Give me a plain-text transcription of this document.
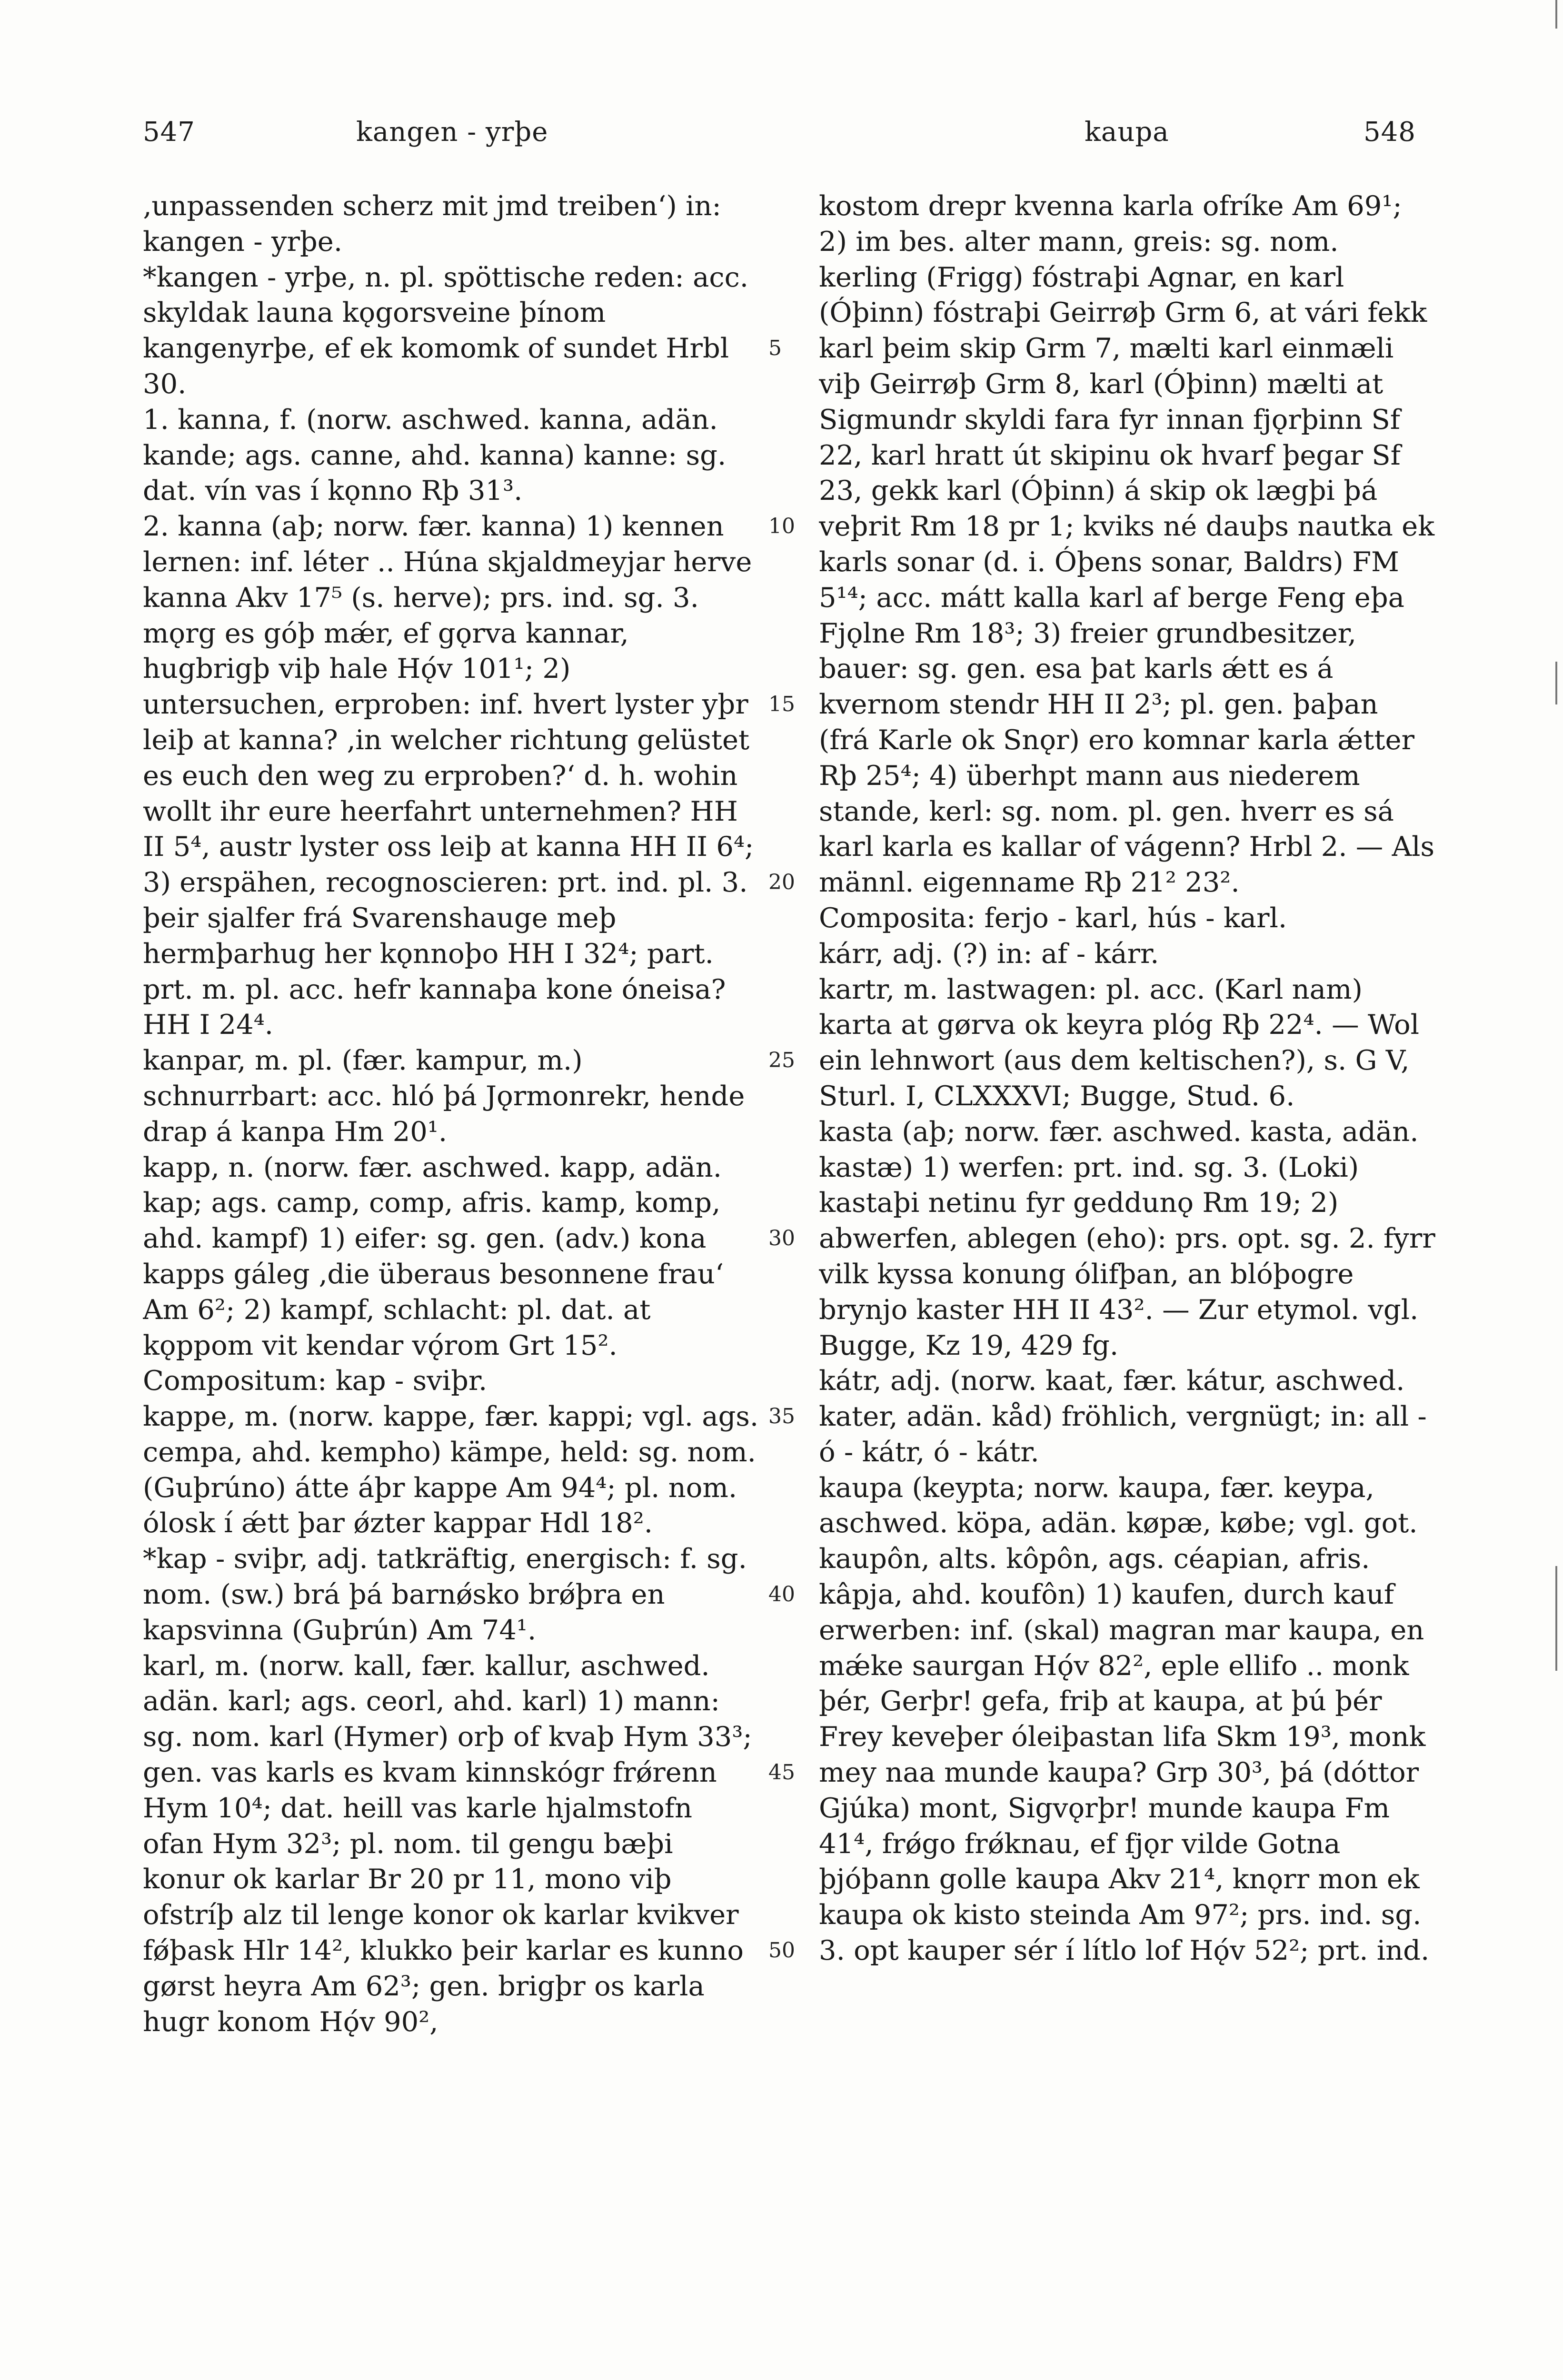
547	kangen - yrþe	kaupa	548
‚unpassenden scherz mit jmd treiben‘) in:
kangen - yrþe.
*kangen - yrþe, n. pl. spöttische reden: acc.
skyldak launa kǫgorsveine þínom
kangenyrþe, ef ek komomk of sundet Hrbl
30.
1. kanna, f. (norw. aschwed. kanna, adän.
kande; ags. canne, ahd. kanna) kanne: sg.
dat. vín vas í kǫnno Rþ 31³.
2. kanna (aþ; norw. fær. kanna) 1) kennen
lernen: inf. léter .. Húna skjaldmeyjar herve
kanna Akv 17⁵ (s. herve); prs. ind. sg. 3.
mǫrg es góþ mǽr, ef gǫrva kannar,
hugbrigþ viþ hale Hǫ́v 101¹; 2)
untersuchen, erproben: inf. hvert lyster yþr
leiþ at kanna? ‚in welcher richtung gelüstet
es euch den weg zu erproben?‘ d. h. wohin
wollt ihr eure heerfahrt unternehmen? HH
II 5⁴, austr lyster oss leiþ at kanna HH II 6⁴;
3) erspähen, recognoscieren: prt. ind. pl. 3.
þeir sjalfer frá Svarenshauge meþ
hermþarhug her kǫnnoþo HH I 32⁴; part.
prt. m. pl. acc. hefr kannaþa kone óneisa?
HH I 24⁴.
kanpar, m. pl. (fær. kampur, m.)
schnurrbart: acc. hló þá Jǫrmonrekr, hende
drap á kanpa Hm 20¹.
kapp, n. (norw. fær. aschwed. kapp, adän.
kap; ags. camp, comp, afris. kamp, komp,
ahd. kampf) 1) eifer: sg. gen. (adv.) kona
kapps gáleg ‚die überaus besonnene frau‘
Am 6²; 2) kampf, schlacht: pl. dat. at
kǫppom vit kendar vǫ́rom Grt 15².
Compositum: kap - sviþr.
kappe, m. (norw. kappe, fær. kappi; vgl. ags.
cempa, ahd. kempho) kämpe, held: sg. nom.
(Guþrúno) átte áþr kappe Am 94⁴; pl. nom.
ólosk í ǽtt þar ǿzter kappar Hdl 18².
*kap - sviþr, adj. tatkräftig, energisch: f. sg.
nom. (sw.) brá þá barnǿsko brǿþra en
kapsvinna (Guþrún) Am 74¹.
karl, m. (norw. kall, fær. kallur, aschwed.
adän. karl; ags. ceorl, ahd. karl) 1) mann:
sg. nom. karl (Hymer) orþ of kvaþ Hym 33³;
gen. vas karls es kvam kinnskógr frǿrenn
Hym 10⁴; dat. heill vas karle hjalmstofn
ofan Hym 32³; pl. nom. til gengu bæþi
konur ok karlar Br 20 pr 11, mono viþ
ofstríþ alz til lenge konor ok karlar kvikver
fǿþask Hlr 14², klukko þeir karlar es kunno
gørst heyra Am 62³; gen. brigþr os karla
hugr konom Hǫ́v 90²,
5
10
15
20
25
30
35
40
45
50
kostom drepr kvenna karla ofríke Am 69¹;
2) im bes. alter mann, greis: sg. nom.
kerling (Frigg) fóstraþi Agnar, en karl
(Óþinn) fóstraþi Geirrøþ Grm 6, at vári fekk
karl þeim skip Grm 7, mælti karl einmæli
viþ Geirrøþ Grm 8, karl (Óþinn) mælti at
Sigmundr skyldi fara fyr innan fjǫrþinn Sf
22, karl hratt út skipinu ok hvarf þegar Sf
23, gekk karl (Óþinn) á skip ok lægþi þá
veþrit Rm 18 pr 1; kviks né dauþs nautka ek
karls sonar (d. i. Óþens sonar, Baldrs) FM
5¹⁴; acc. mátt kalla karl af berge Feng eþa
Fjǫlne Rm 18³; 3) freier grundbesitzer,
bauer: sg. gen. esa þat karls ǽtt es á
kvernom stendr HH II 2³; pl. gen. þaþan
(frá Karle ok Snǫr) ero komnar karla ǽtter
Rþ 25⁴; 4) überhpt mann aus niederem
stande, kerl: sg. nom. pl. gen. hverr es sá
karl karla es kallar of vágenn? Hrbl 2. — Als
männl. eigenname Rþ 21² 23².
Composita: ferjo - karl, hús - karl.
kárr, adj. (?) in: af - kárr.
kartr, m. lastwagen: pl. acc. (Karl nam)
karta at gørva ok keyra plóg Rþ 22⁴. — Wol
ein lehnwort (aus dem keltischen?), s. G V,
Sturl. I, CLXXXVI; Bugge, Stud. 6.
kasta (aþ; norw. fær. aschwed. kasta, adän.
kastæ) 1) werfen: prt. ind. sg. 3. (Loki)
kastaþi netinu fyr geddunǫ Rm 19; 2)
abwerfen, ablegen (eho): prs. opt. sg. 2. fyrr
vilk kyssa konung ólifþan, an blóþogre
brynjo kaster HH II 43². — Zur etymol. vgl.
Bugge, Kz 19, 429 fg.
kátr, adj. (norw. kaat, fær. kátur, aschwed.
kater, adän. kåd) fröhlich, vergnügt; in: all -
ó - kátr, ó - kátr.
kaupa (keypta; norw. kaupa, fær. keypa,
aschwed. köpa, adän. køpæ, købe; vgl. got.
kaupôn, alts. kôpôn, ags. céapian, afris.
kâpja, ahd. koufôn) 1) kaufen, durch kauf
erwerben: inf. (skal) magran mar kaupa, en
mǽke saurgan Hǫ́v 82², eple ellifo .. monk
þér, Gerþr! gefa, friþ at kaupa, at þú þér
Frey keveþer óleiþastan lifa Skm 19³, monk
mey naa munde kaupa? Grp 30³, þá (dóttor
Gjúka) mont, Sigvǫrþr! munde kaupa Fm
41⁴, frǿgo frǿknau, ef fjǫr vilde Gotna
þjóþann golle kaupa Akv 21⁴, knǫrr mon ek
kaupa ok kisto steinda Am 97²; prs. ind. sg.
3. opt kauper sér í lítlo lof Hǫ́v 52²; prt. ind.
